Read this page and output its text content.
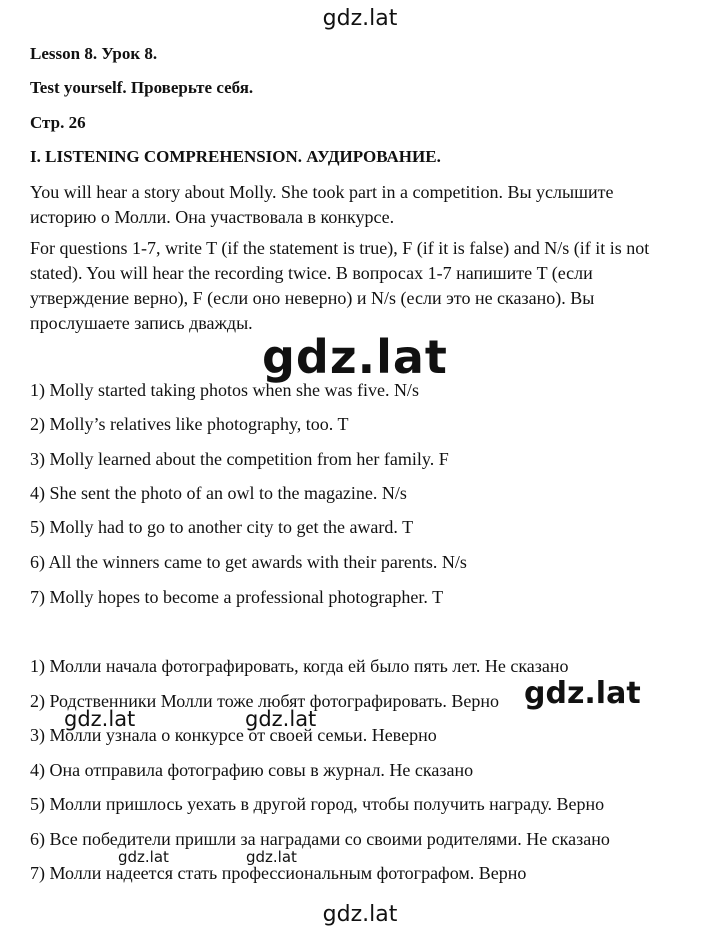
gdz.lat
Lesson 8. Урок 8.
Test yourself. Проверьте себя.
Стр. 26
I. LISTENING COMPREHENSION. АУДИРОВАНИЕ.

You will hear a story about Molly. She took part in a competition. Вы услышите историю о Молли. Она участвовала в конкурсе.

For questions 1-7, write T (if the statement is true), F (if it is false) and N/s (if it is not stated). You will hear the recording twice. В вопросах 1-7 напишите T (если утверждение верно), F (если оно неверно) и N/s (если это не сказано). Вы прослушаете запись дважды.

1) Molly started taking photos when she was five. N/s
2) Molly’s relatives like photography, too. T
3) Molly learned about the competition from her family. F
4) She sent the photo of an owl to the magazine. N/s
5) Molly had to go to another city to get the award. T
6) All the winners came to get awards with their parents. N/s
7) Molly hopes to become a professional photographer. T
1) Молли начала фотографировать, когда ей было пять лет. Не сказано
2) Родственники Молли тоже любят фотографировать. Верно
3) Молли узнала о конкурсе от своей семьи. Неверно
4) Она отправила фотографию совы в журнал. Не сказано
5) Молли пришлось уехать в другой город, чтобы получить награду. Верно
6) Все победители пришли за наградами со своими родителями. Не сказано
7) Молли надеется стать профессиональным фотографом. Верно
gdz.lat
gdz.lat
gdz.lat	gdz.lat
gdz.lat	gdz.lat
gdz.lat
